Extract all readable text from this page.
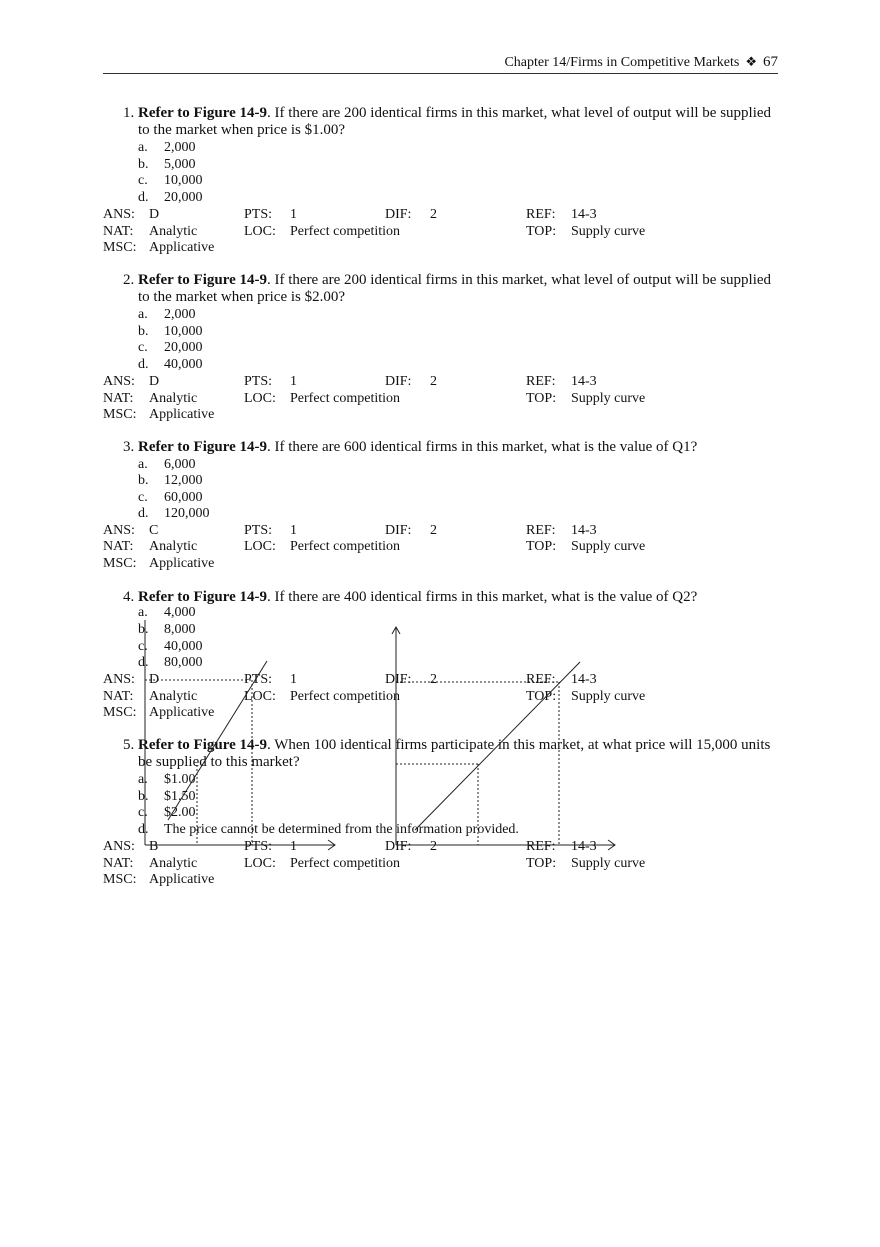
Chapter 14/Firms in Competitive Markets ❖ 67
1. Refer to Figure 14-9. If there are 200 identical firms in this market, what level of output will be supplied to the market when price is $1.00?
a. 2,000
b. 5,000
c. 10,000
d. 20,000
ANS: D	PTS: 1	DIF: 2	REF: 14-3
NAT: Analytic	LOC: Perfect competition	TOP: Supply curve
MSC: Applicative
2. Refer to Figure 14-9. If there are 200 identical firms in this market, what level of output will be supplied to the market when price is $2.00?
a. 2,000
b. 10,000
c. 20,000
d. 40,000
ANS: D	PTS: 1	DIF: 2	REF: 14-3
NAT: Analytic	LOC: Perfect competition	TOP: Supply curve
MSC: Applicative
3. Refer to Figure 14-9. If there are 600 identical firms in this market, what is the value of Q1?
a. 6,000
b. 12,000
c. 60,000
d. 120,000
ANS: C	PTS: 1	DIF: 2	REF: 14-3
NAT: Analytic	LOC: Perfect competition	TOP: Supply curve
MSC: Applicative
4. Refer to Figure 14-9. If there are 400 identical firms in this market, what is the value of Q2?
a. 4,000
b. 8,000
c. 40,000
d. 80,000
ANS: D	PTS: 1	DIF: 2	REF: 14-3
NAT: Analytic	LOC: Perfect competition	TOP: Supply curve
MSC: Applicative
5. Refer to Figure 14-9. When 100 identical firms participate in this market, at what price will 15,000 units be supplied to this market?
a. $1.00
b. $1.50
c. $2.00
d. The price cannot be determined from the information provided.
ANS: B	PTS: 1	DIF: 2	REF: 14-3
NAT: Analytic	LOC: Perfect competition	TOP: Supply curve
MSC: Applicative
